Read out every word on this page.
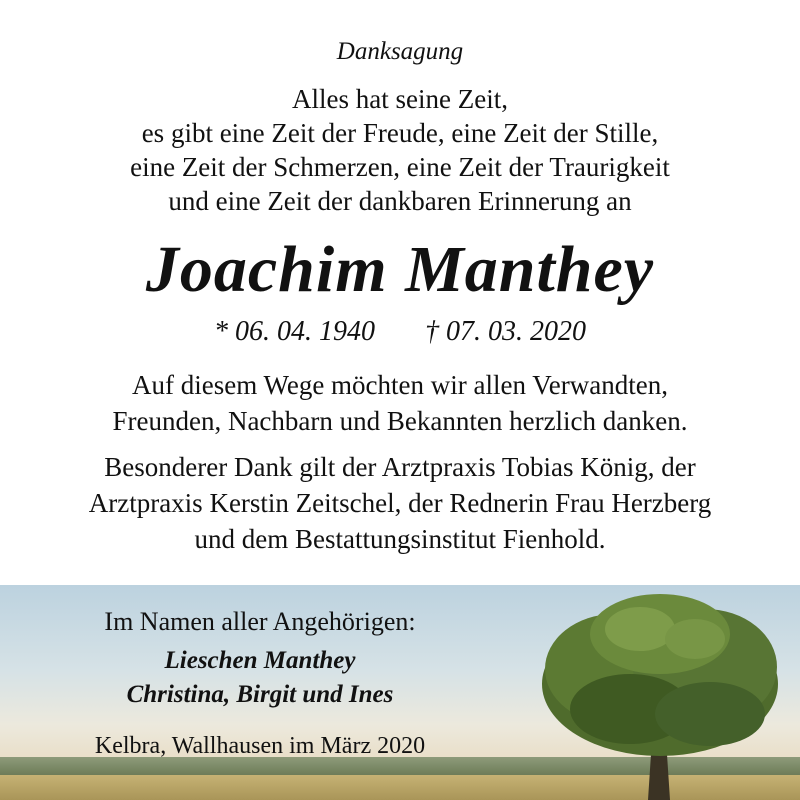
Danksagung
Alles hat seine Zeit,
es gibt eine Zeit der Freude, eine Zeit der Stille,
eine Zeit der Schmerzen, eine Zeit der Traurigkeit
und eine Zeit der dankbaren Erinnerung an
Joachim Manthey
* 06. 04. 1940 † 07. 03. 2020
Auf diesem Wege möchten wir allen Verwandten,
Freunden, Nachbarn und Bekannten herzlich danken.
Besonderer Dank gilt der Arztpraxis Tobias König, der
Arztpraxis Kerstin Zeitschel, der Rednerin Frau Herzberg
und dem Bestattungsinstitut Fienhold.
Im Namen aller Angehörigen:
Lieschen Manthey
Christina, Birgit und Ines
Kelbra, Wallhausen im März 2020
